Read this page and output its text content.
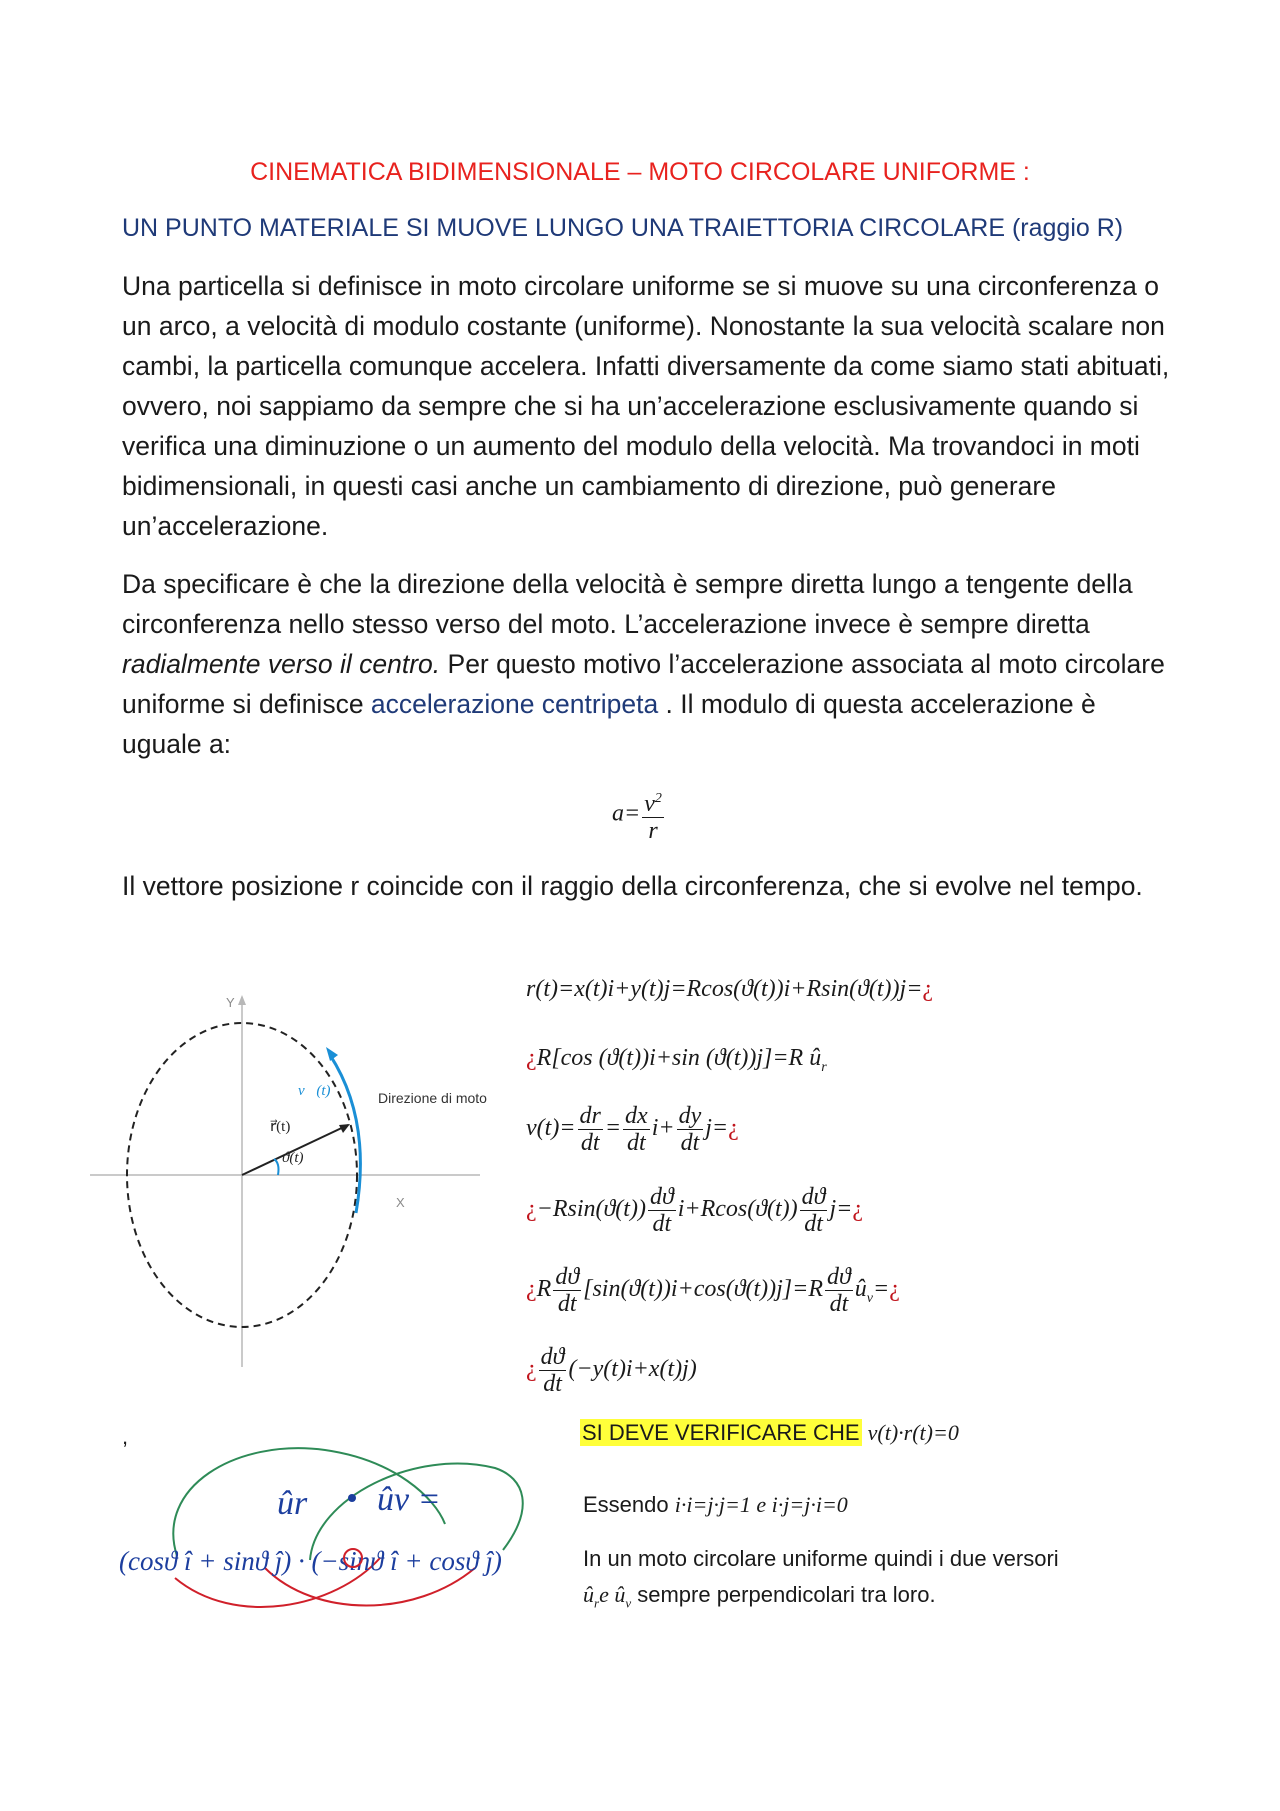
CINEMATICA BIDIMENSIONALE – MOTO CIRCOLARE UNIFORME :
UN PUNTO MATERIALE SI MUOVE LUNGO UNA TRAIETTORIA CIRCOLARE (raggio R)
Una particella si definisce in moto circolare uniforme se si muove su una circonferenza o un arco, a velocità di modulo costante (uniforme). Nonostante la sua velocità scalare non cambi, la particella comunque accelera. Infatti diversamente da come siamo stati abituati, ovvero, noi sappiamo da sempre che si ha un’accelerazione esclusivamente quando si verifica una diminuzione o un aumento del modulo della velocità. Ma trovandoci in moti bidimensionali, in questi casi anche un cambiamento di direzione, può generare un’accelerazione.
Da specificare è che la direzione della velocità è sempre diretta lungo a tengente della circonferenza nello stesso verso del moto. L’accelerazione invece è sempre diretta radialmente verso il centro. Per questo motivo l’accelerazione associata al moto circolare uniforme si definisce accelerazione centripeta . Il modulo di questa accelerazione è uguale a:
$a= \frac{v^2}{r}$
Il vettore posizione r coincide con il raggio della circonferenza, che si evolve nel tempo.
Y
X
v⃗(t)
r⃗(t)
ϑ(t)
Direzione di moto
r(t)=x(t)i+y(t)j=Rcos(ϑ(t))i+Rsin(ϑ(t))j=¿
¿R[cos (ϑ(t))i+sin (ϑ(t))j]=R $û_r$
$v(t)= \frac{dr}{dt} = \frac{dx}{dt} i+ \frac{dy}{dt}$ j=¿
¿$-Rsin(ϑ(t)) \frac{dϑ}{dt} i+Rcos(ϑ(t)) \frac{dϑ}{dt}$ j=¿
¿$R \frac{dϑ}{dt} [\sin(ϑ(t))i+\cos(ϑ(t))j]=R \frac{dϑ}{dt}$ $û_v=¿$
¿ $\frac{dϑ}{dt} (-y(t)i+x(t)j)$
,
ûr ûv =
(cosϑ î + sinϑ ĵ) · (−sinϑ î + cosϑ ĵ)
SI DEVE VERIFICARE CHE v(t)·r(t)=0
Essendo i·i=j·j=1 e i·j=j·i=0
In un moto circolare uniforme quindi i due versori
$û_re$ $û_v$ sempre perpendicolari tra loro.
